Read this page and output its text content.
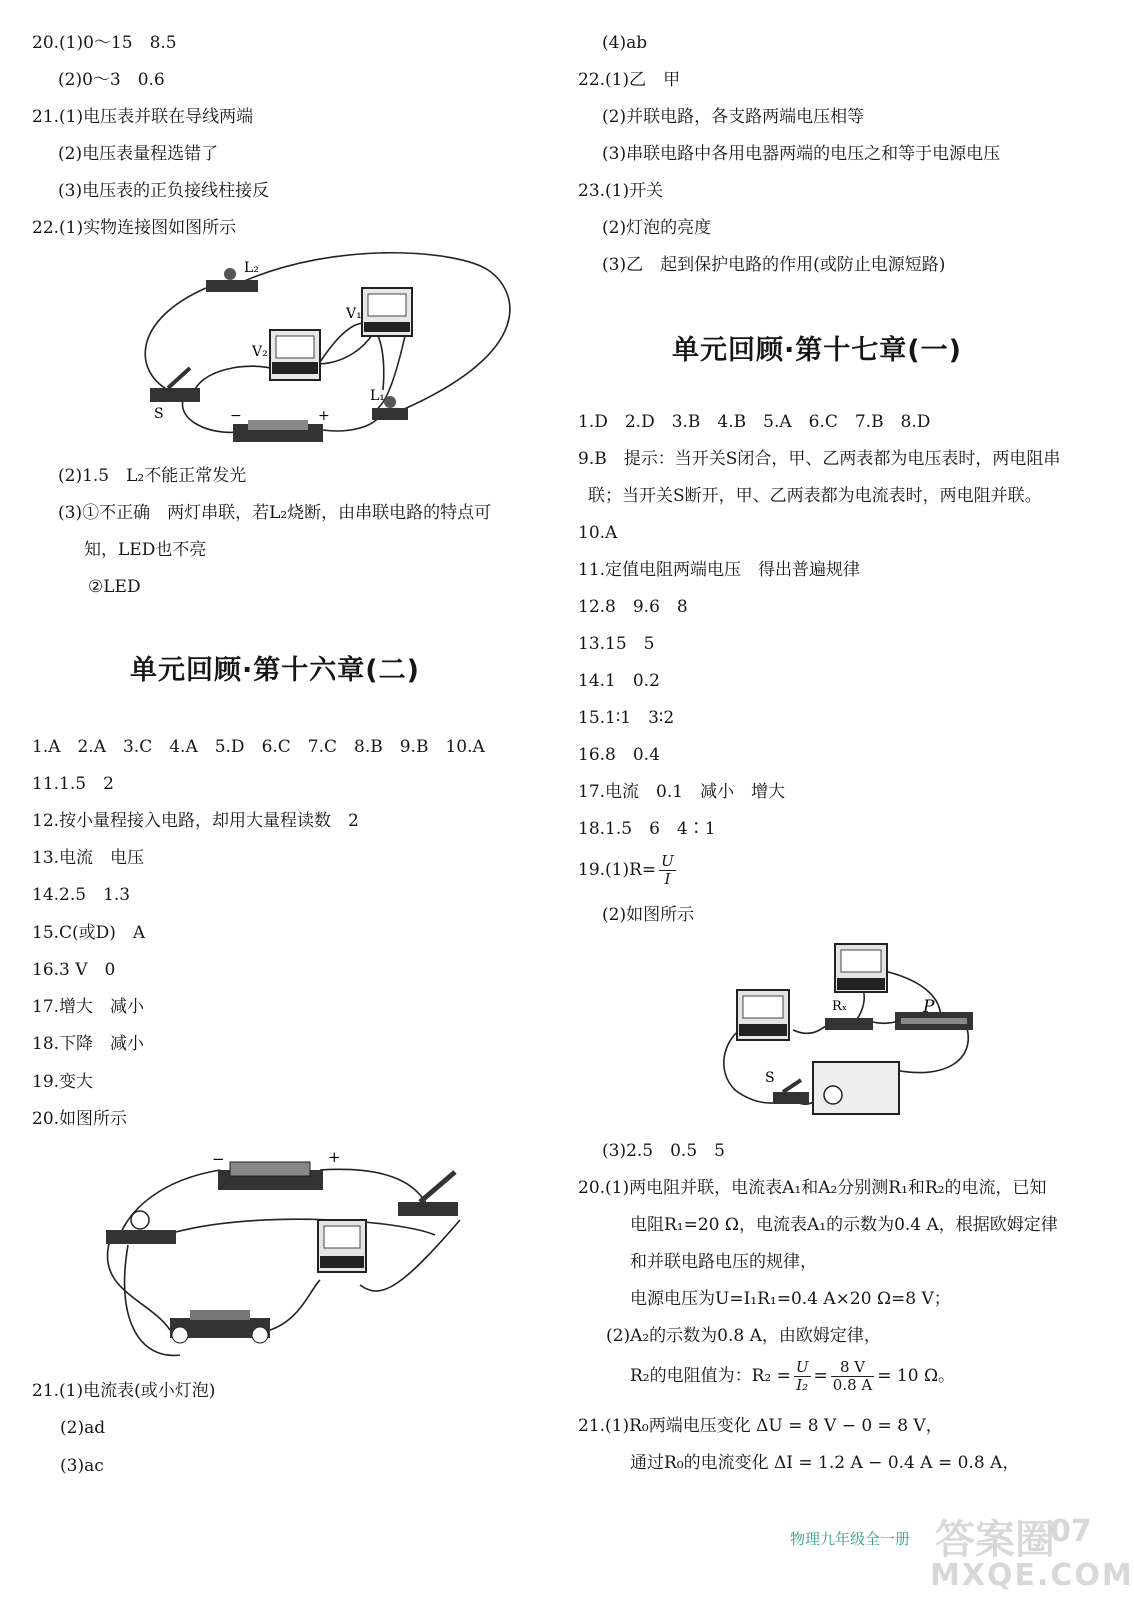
20.(1)0～15　8.5
(2)0～3　0.6
21.(1)电压表并联在导线两端
(2)电压表量程选错了
(3)电压表的正负接线柱接反
22.(1)实物连接图如图所示
L₂
V₁
V₂
L₁
S	−	+
(2)1.5　L₂不能正常发光
(3)①不正确　两灯串联，若L₂烧断，由串联电路的特点可
知，LED也不亮
②LED
单元回顾·第十六章(二)
1.A　2.A　3.C　4.A　5.D　6.C　7.C　8.B　9.B　10.A
11.1.5　2
12.按小量程接入电路，却用大量程读数　2
13.电流　电压
14.2.5　1.3
15.C(或D)　A
16.3 V　0
17.增大　减小
18.下降　减小
19.变大
20.如图所示
−	+
21.(1)电流表(或小灯泡)
(2)ad
(3)ac
(4)ab
22.(1)乙　甲
(2)并联电路，各支路两端电压相等
(3)串联电路中各用电器两端的电压之和等于电源电压
23.(1)开关
(2)灯泡的亮度
(3)乙　起到保护电路的作用(或防止电源短路)
单元回顾·第十七章(一)
1.D　2.D　3.B　4.B　5.A　6.C　7.B　8.D
9.B　提示：当开关S闭合，甲、乙两表都为电压表时，两电阻串
联；当开关S断开，甲、乙两表都为电流表时，两电阻并联。
10.A
11.定值电阻两端电压　得出普遍规律
12.8　9.6　8
13.15　5
14.1　0.2
15.1∶1　3∶2
16.8　0.4
17.电流　0.1　减小　增大
18.1.5　6　4∶1
$19.(1)R= \frac{U}{I}$
(2)如图所示
Rₓ	P
S
(3)2.5　0.5　5
20.(1)两电阻并联，电流表A₁和A₂分别测R₁和R₂的电流，已知
电阻R₁=20 Ω，电流表A₁的示数为0.4 A，根据欧姆定律
和并联电路电压的规律，
电源电压为U=I₁R₁=0.4 A×20 Ω=8 V；
(2)A₂的示数为0.8 A，由欧姆定律，
R₂的电阻值为：$R_2 = \frac{U}{\text{I₂}} = \frac{8 V}{0.8 A} = 10$ Ω。
21.(1)R₀两端电压变化 ΔU = 8 V − 0 = 8 V，
通过R₀的电流变化 ΔI = 1.2 A − 0.4 A = 0.8 A，
物理九年级全一册 答案圈
07
MXQE.COM
